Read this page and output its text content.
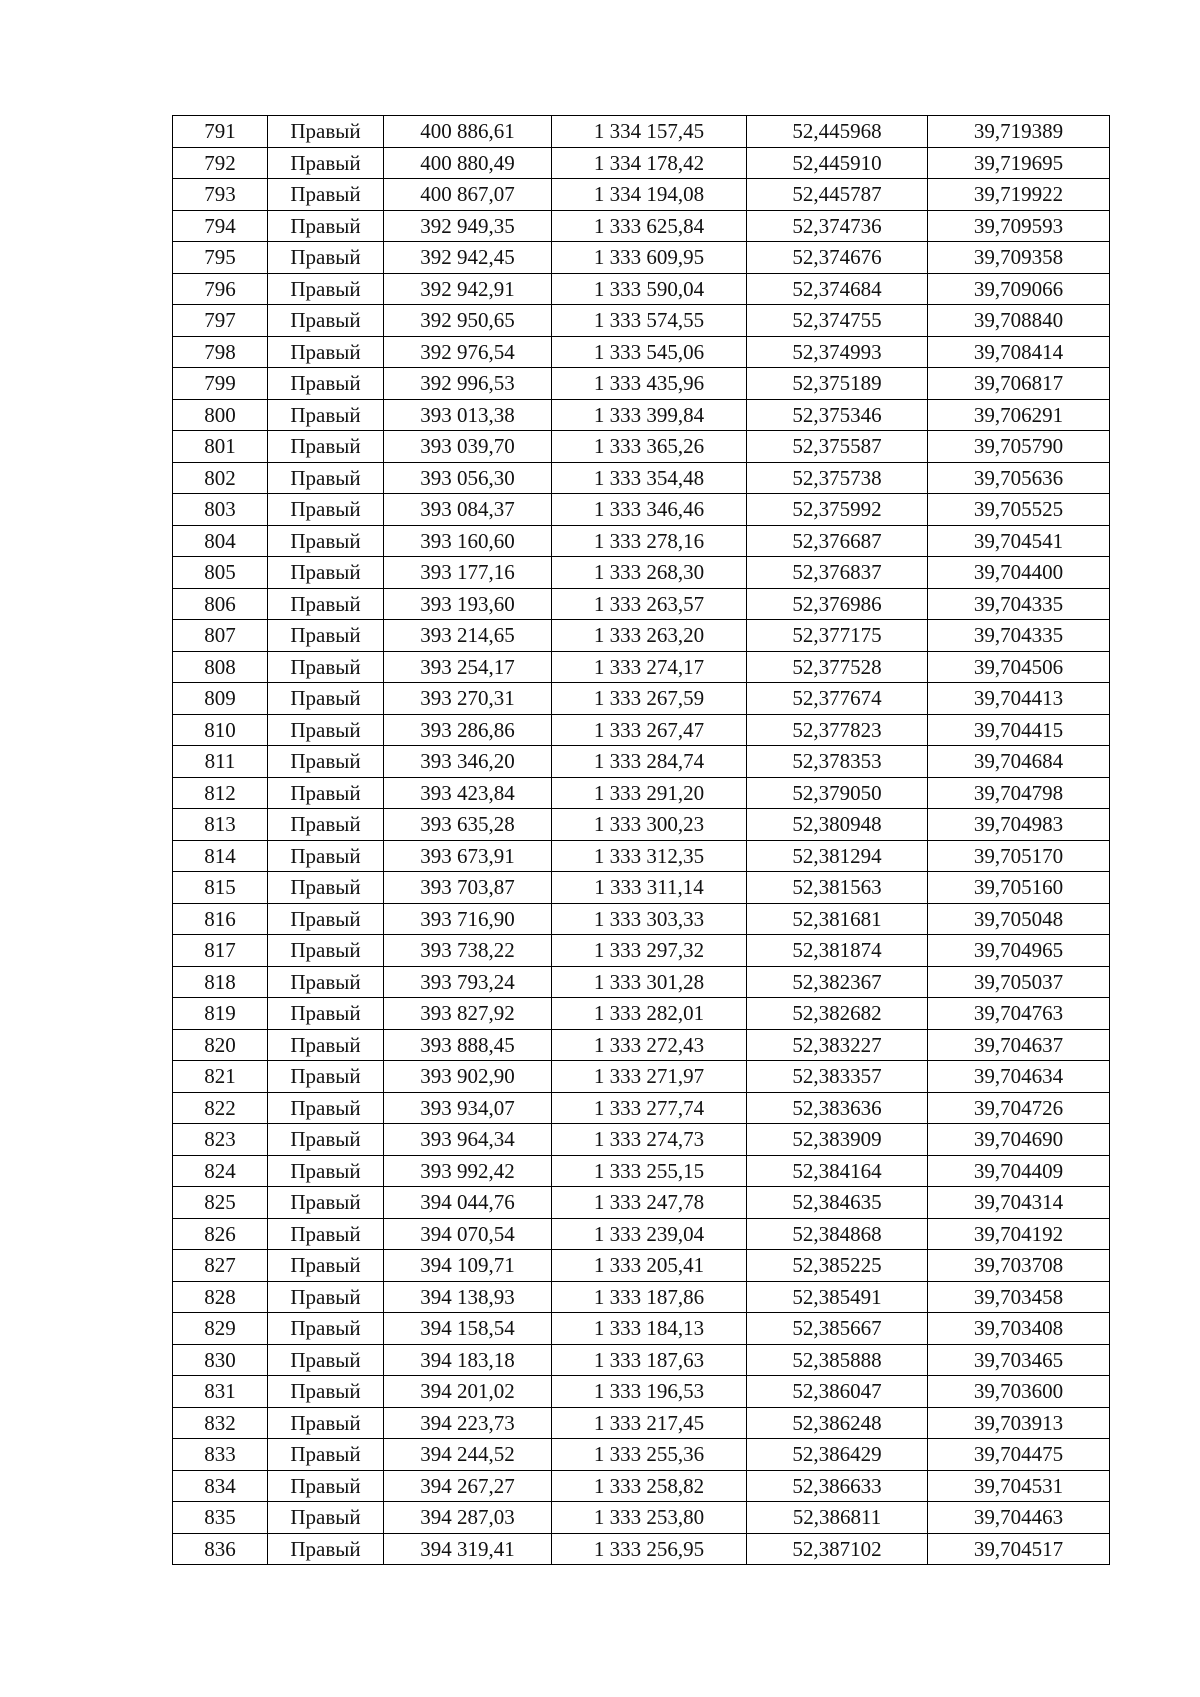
791	Правый	400 886,61	1 334 157,45	52,445968	39,719389
792	Правый	400 880,49	1 334 178,42	52,445910	39,719695
793	Правый	400 867,07	1 334 194,08	52,445787	39,719922
794	Правый	392 949,35	1 333 625,84	52,374736	39,709593
795	Правый	392 942,45	1 333 609,95	52,374676	39,709358
796	Правый	392 942,91	1 333 590,04	52,374684	39,709066
797	Правый	392 950,65	1 333 574,55	52,374755	39,708840
798	Правый	392 976,54	1 333 545,06	52,374993	39,708414
799	Правый	392 996,53	1 333 435,96	52,375189	39,706817
800	Правый	393 013,38	1 333 399,84	52,375346	39,706291
801	Правый	393 039,70	1 333 365,26	52,375587	39,705790
802	Правый	393 056,30	1 333 354,48	52,375738	39,705636
803	Правый	393 084,37	1 333 346,46	52,375992	39,705525
804	Правый	393 160,60	1 333 278,16	52,376687	39,704541
805	Правый	393 177,16	1 333 268,30	52,376837	39,704400
806	Правый	393 193,60	1 333 263,57	52,376986	39,704335
807	Правый	393 214,65	1 333 263,20	52,377175	39,704335
808	Правый	393 254,17	1 333 274,17	52,377528	39,704506
809	Правый	393 270,31	1 333 267,59	52,377674	39,704413
810	Правый	393 286,86	1 333 267,47	52,377823	39,704415
811	Правый	393 346,20	1 333 284,74	52,378353	39,704684
812	Правый	393 423,84	1 333 291,20	52,379050	39,704798
813	Правый	393 635,28	1 333 300,23	52,380948	39,704983
814	Правый	393 673,91	1 333 312,35	52,381294	39,705170
815	Правый	393 703,87	1 333 311,14	52,381563	39,705160
816	Правый	393 716,90	1 333 303,33	52,381681	39,705048
817	Правый	393 738,22	1 333 297,32	52,381874	39,704965
818	Правый	393 793,24	1 333 301,28	52,382367	39,705037
819	Правый	393 827,92	1 333 282,01	52,382682	39,704763
820	Правый	393 888,45	1 333 272,43	52,383227	39,704637
821	Правый	393 902,90	1 333 271,97	52,383357	39,704634
822	Правый	393 934,07	1 333 277,74	52,383636	39,704726
823	Правый	393 964,34	1 333 274,73	52,383909	39,704690
824	Правый	393 992,42	1 333 255,15	52,384164	39,704409
825	Правый	394 044,76	1 333 247,78	52,384635	39,704314
826	Правый	394 070,54	1 333 239,04	52,384868	39,704192
827	Правый	394 109,71	1 333 205,41	52,385225	39,703708
828	Правый	394 138,93	1 333 187,86	52,385491	39,703458
829	Правый	394 158,54	1 333 184,13	52,385667	39,703408
830	Правый	394 183,18	1 333 187,63	52,385888	39,703465
831	Правый	394 201,02	1 333 196,53	52,386047	39,703600
832	Правый	394 223,73	1 333 217,45	52,386248	39,703913
833	Правый	394 244,52	1 333 255,36	52,386429	39,704475
834	Правый	394 267,27	1 333 258,82	52,386633	39,704531
835	Правый	394 287,03	1 333 253,80	52,386811	39,704463
836	Правый	394 319,41	1 333 256,95	52,387102	39,704517
